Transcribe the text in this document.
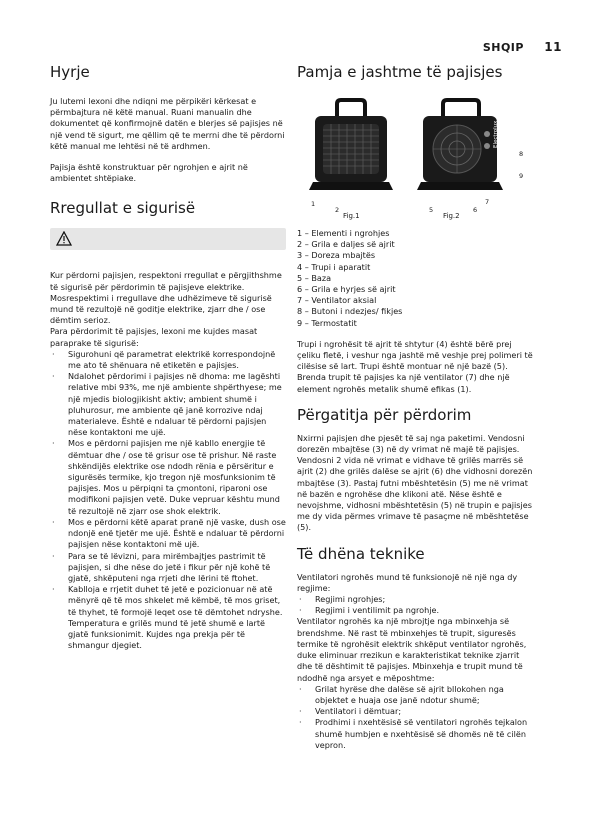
SHQIP 11
Hyrje

Ju lutemi lexoni dhe ndiqni me përpikëri kërkesat e përmbajtura në këtë manual. Ruani manualin dhe dokumentet që konfirmojnë datën e blerjes së pajisjes në një vend të sigurt, me qëllim që te merrni dhe të përdorni këtë manual me lehtësi në të ardhmen.

Pajisja është konstruktuar për ngrohjen e ajrit në ambientet shtëpiake.

Rregullat e sigurisë

Kur përdorni pajisjen, respektoni rregullat e përgjithshme të sigurisë për përdorimin të pajisjeve elektrike. Mosrespektimi i rregullave dhe udhëzimeve të sigurisë mund të rezultojë në goditje elektrike, zjarr dhe / ose dëmtim serioz.

Para përdorimit të pajisjes, lexoni me kujdes masat paraprake të sigurisë:

· Sigurohuni që parametrat elektrikë korrespondojnë me ato të shënuara në etiketën e pajisjes.
· Ndalohet përdorimi i pajisjes në dhoma: me lagështi relative mbi 93%, me një ambiente shpërthyese; me një mjedis biologjikisht aktiv; ambient shumë i pluhurosur, me ambiente që janë korrozive ndaj materialeve. Është e ndaluar të përdorni pajisjen nëse kontaktoni me ujë.
· Mos e përdorni pajisjen me një kabllo energjie të dëmtuar dhe / ose të grisur ose të prishur. Në raste shkëndijës elektrike ose ndodh rënia e përsëritur e sigurësës termike, kjo tregon një mosfunksionim të pajisjes. Mos u përpiqni ta çmontoni, riparoni ose modifikoni pajisjen vetë. Duke vepruar kështu mund të rezultojë në zjarr ose shok elektrik.
· Mos e përdorni këtë aparat pranë një vaske, dush ose ndonjë enë tjetër me ujë. Është e ndaluar të përdorni pajisjen nëse kontaktoni më ujë.
· Para se të lëvizni, para mirëmbajtjes pastrimit të pajisjen, si dhe nëse do jetë i fikur për një kohë të gjatë, shkëputeni nga rrjeti dhe lërini të ftohet.
· Kablloja e rrjetit duhet të jetë e pozicionuar në atë mënyrë që të mos shkelet më këmbë, të mos griset, të thyhet, të formojë leqet ose të dëmtohet ndryshe. Temperatura e grilës mund të jetë shumë e lartë gjatë funksionimit. Kujdes nga prekja për të shmangur djegiet.
Pamja e jashtme të pajisjes
Electrolux
1
2
3
4
5	6
7
8
9
Fig.1	Fig.2
1 – Elementi i ngrohjes
2 – Grila e daljes së ajrit
3 – Doreza mbajtës
4 – Trupi i aparatit
5 – Baza
6 – Grila e hyrjes së ajrit
7 – Ventilator aksial
8 – Butoni i ndezjes/ fikjes
9 – Termostatit

Trupi i ngrohësit të ajrit të shtytur (4) është bërë prej çeliku fletë, i veshur nga jashtë më veshje prej polimeri të cilësise së lart. Trupi është montuar në një bazë (5). Brenda trupit të pajisjes ka një ventilator (7) dhe një element ngrohës metalik shumë efikas (1).

Përgatitja për përdorim

Nxirrni pajisjen dhe pjesët të saj nga paketimi. Vendosni dorezën mbajtëse (3) në dy vrimat në majë të pajisjes.

Vendosni 2 vida në vrimat e vidhave të grilës marrës së ajrit (2) dhe grilës dalëse se ajrit (6) dhe vidhosni dorezën mbajtëse (3). Pastaj futni mbështetësin (5) me në vrimat në bazën e ngrohëse dhe klikoni atë. Nëse është e nevojshme, vidhosni mbështetësin (5) në trupin e pajisjes me dy vida përmes vrimave të pasaçme në mbështetëse (5).

Të dhëna teknike

Ventilatori ngrohës mund të funksionojë në një nga dy regjime:

· Regjimi ngrohjes;
· Regjimi i ventilimit pa ngrohje.

Ventilator ngrohës ka një mbrojtje nga mbinxehja së brendshme. Në rast të mbinxehjes të trupit, siguresës termike të ngrohësit elektrik shkëput ventilator ngrohës, duke eliminuar rrezikun e karakteristikat teknike zjarrit dhe të dështimit të pajisjes. Mbinxehja e trupit mund të ndodhë nga arsyet e mëposhtme:

· Grilat hyrëse dhe dalëse së ajrit bllokohen nga objektet e huaja ose janë ndotur shumë;
· Ventilatori i dëmtuar;
· Prodhimi i nxehtësisë së ventilatori ngrohës tejkalon shumë humbjen e nxehtësisë së dhomës në të cilën vepron.
